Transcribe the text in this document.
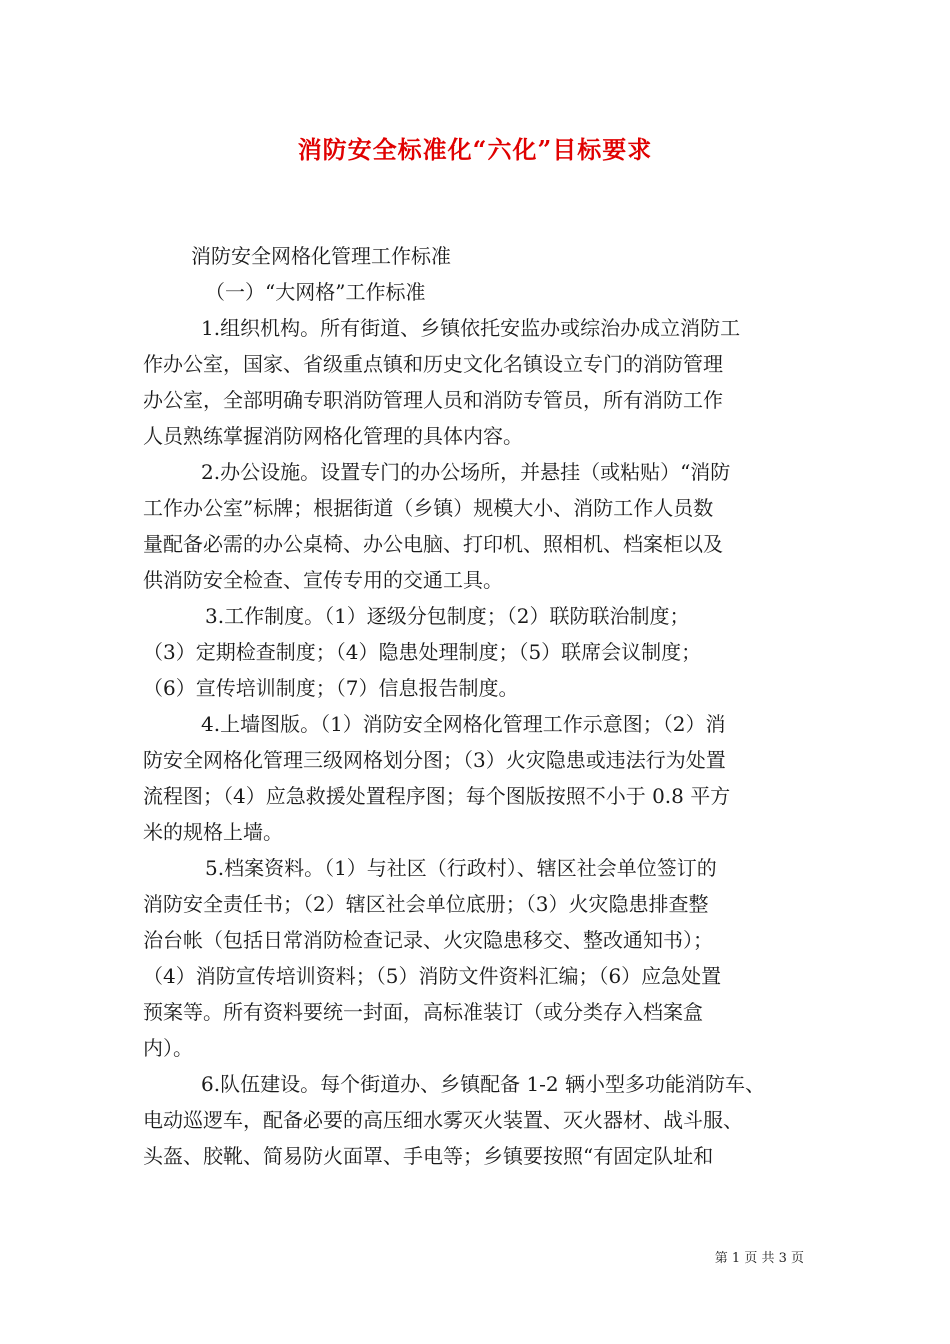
消防安全标准化“六化”目标要求
消防安全网格化管理工作标准
（一）“大网格”工作标准
1.组织机构。所有街道、乡镇依托安监办或综治办成立消防工
作办公室，国家、省级重点镇和历史文化名镇设立专门的消防管理
办公室，全部明确专职消防管理人员和消防专管员，所有消防工作
人员熟练掌握消防网格化管理的具体内容。
2.办公设施。设置专门的办公场所，并悬挂（或粘贴）“消防
工作办公室”标牌；根据街道（乡镇）规模大小、消防工作人员数
量配备必需的办公桌椅、办公电脑、打印机、照相机、档案柜以及
供消防安全检查、宣传专用的交通工具。
3.工作制度。（1）逐级分包制度；（2）联防联治制度；
（3）定期检查制度；（4）隐患处理制度；（5）联席会议制度；
（6）宣传培训制度；（7）信息报告制度。
4.上墙图版。（1）消防安全网格化管理工作示意图；（2）消
防安全网格化管理三级网格划分图；（3）火灾隐患或违法行为处置
流程图；（4）应急救援处置程序图；每个图版按照不小于 0.8 平方
米的规格上墙。
5.档案资料。（1）与社区（行政村）、辖区社会单位签订的
消防安全责任书；（2）辖区社会单位底册；（3）火灾隐患排查整
治台帐（包括日常消防检查记录、火灾隐患移交、整改通知书）；
（4）消防宣传培训资料；（5）消防文件资料汇编；（6）应急处置
预案等。所有资料要统一封面，高标准装订（或分类存入档案盒
内）。
6.队伍建设。每个街道办、乡镇配备 1-2 辆小型多功能消防车、
电动巡逻车，配备必要的高压细水雾灭火装置、灭火器材、战斗服、
头盔、胶靴、简易防火面罩、手电等；乡镇要按照“有固定队址和
第 1 页 共 3 页
